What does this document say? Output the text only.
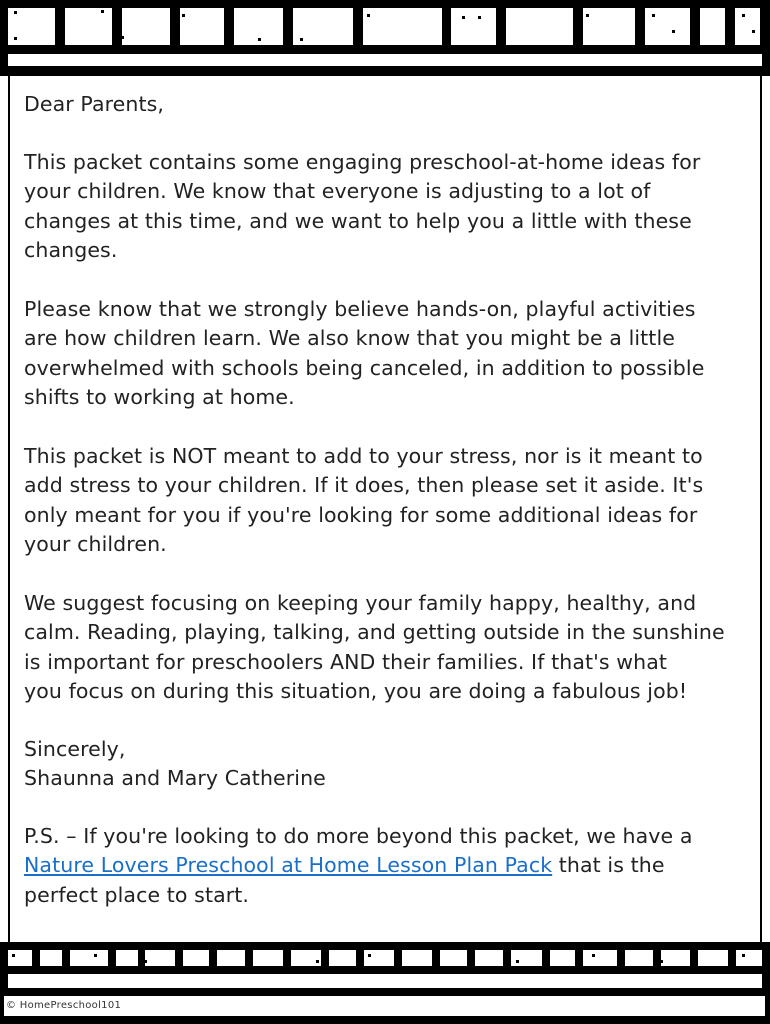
Dear Parents,

This packet contains some engaging preschool-at-home ideas for
your children. We know that everyone is adjusting to a lot of
changes at this time, and we want to help you a little with these
changes.

Please know that we strongly believe hands-on, playful activities
are how children learn. We also know that you might be a little
overwhelmed with schools being canceled, in addition to possible
shifts to working at home.

This packet is NOT meant to add to your stress, nor is it meant to
add stress to your children. If it does, then please set it aside. It's
only meant for you if you're looking for some additional ideas for
your children.

We suggest focusing on keeping your family happy, healthy, and
calm. Reading, playing, talking, and getting outside in the sunshine
is important for preschoolers AND their families. If that's what
you focus on during this situation, you are doing a fabulous job!

Sincerely,

Shaunna and Mary Catherine

P.S. – If you're looking to do more beyond this packet, we have a
Nature Lovers Preschool at Home Lesson Plan Pack that is the
perfect place to start.

© HomePreschool101
